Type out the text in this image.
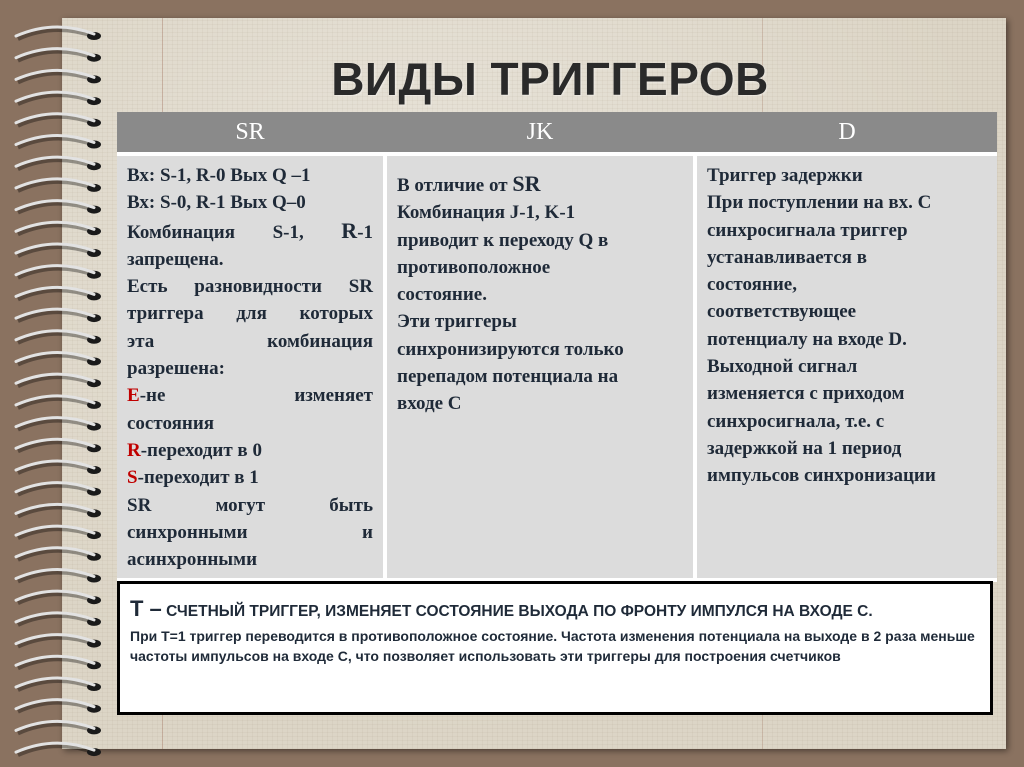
ВИДЫ ТРИГГЕРОВ
SR	JK	D

Вх: S-1, R-0 Вых Q –1

Вх: S-0, R-1 Вых Q–0

Комбинация S-1, R-1

запрещена.

Есть разновидности SR

триггера для которых

эта комбинация

разрешена:

E-не изменяет

состояния

R-переходит в 0

S-переходит в 1

SR могут быть

синхронными и

асинхронными

В отличие от SR

Комбинация J-1, K-1

приводит к переходу Q в

противоположное

состояние.

Эти триггеры

синхронизируются только

перепадом потенциала на

входе С

Триггер задержки

При поступлении на вх. С

синхросигнала триггер

устанавливается в

состояние,

соответствующее

потенциалу на входе D.

Выходной сигнал

изменяется с приходом

синхросигнала, т.е. с

задержкой на 1 период

импульсов синхронизации

T – СЧЕТНЫЙ ТРИГГЕР, ИЗМЕНЯЕТ СОСТОЯНИЕ ВЫХОДА ПО ФРОНТУ ИМПУЛСЯ НА ВХОДЕ С.

При Т=1 триггер переводится в противоположное состояние. Частота изменения потенциала на выходе в 2 раза меньше частоты импульсов на входе С, что позволяет использовать эти триггеры для построения счетчиков
